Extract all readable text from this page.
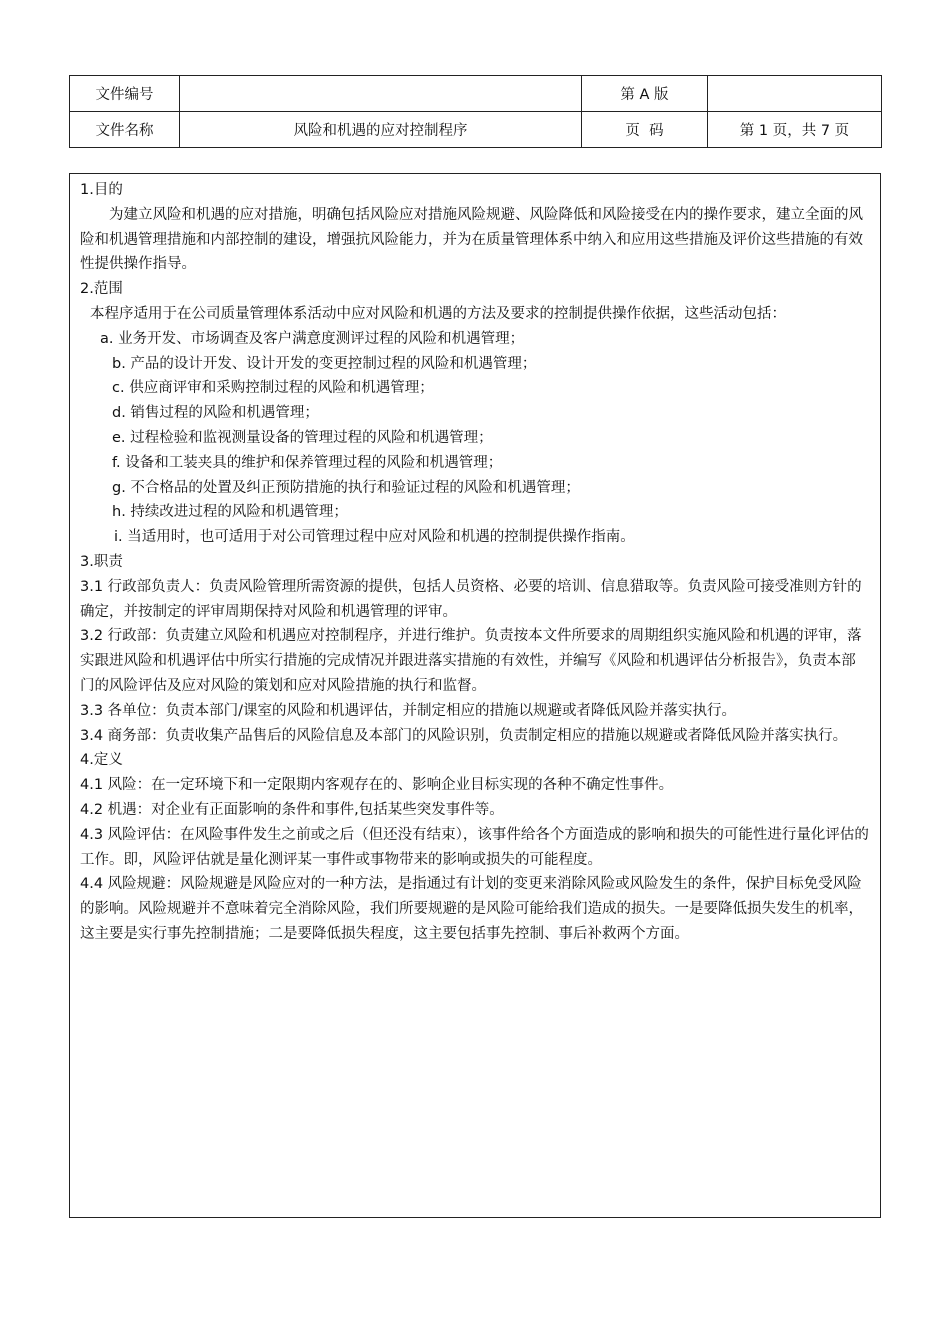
文件编号		第 A 版	
文件名称	风险和机遇的应对控制程序	页  码	第 1 页，共 7 页

1.目的

为建立风险和机遇的应对措施，明确包括风险应对措施风险规避、风险降低和风险接受在内的操作要求，建立全面的风险和机遇管理措施和内部控制的建设，增强抗风险能力，并为在质量管理体系中纳入和应用这些措施及评价这些措施的有效性提供操作指导。

2.范围

本程序适用于在公司质量管理体系活动中应对风险和机遇的方法及要求的控制提供操作依据，这些活动包括：

a. 业务开发、市场调查及客户满意度测评过程的风险和机遇管理；

b. 产品的设计开发、设计开发的变更控制过程的风险和机遇管理；

c. 供应商评审和采购控制过程的风险和机遇管理；

d. 销售过程的风险和机遇管理；

e. 过程检验和监视测量设备的管理过程的风险和机遇管理；

f. 设备和工装夹具的维护和保养管理过程的风险和机遇管理；

g. 不合格品的处置及纠正预防措施的执行和验证过程的风险和机遇管理；

h. 持续改进过程的风险和机遇管理；

i. 当适用时，也可适用于对公司管理过程中应对风险和机遇的控制提供操作指南。

3.职责

3.1 行政部负责人：负责风险管理所需资源的提供，包括人员资格、必要的培训、信息猎取等。负责风险可接受准则方针的确定，并按制定的评审周期保持对风险和机遇管理的评审。

3.2 行政部：负责建立风险和机遇应对控制程序，并进行维护。负责按本文件所要求的周期组织实施风险和机遇的评审，落实跟进风险和机遇评估中所实行措施的完成情况并跟进落实措施的有效性，并编写《风险和机遇评估分析报告》，负责本部门的风险评估及应对风险的策划和应对风险措施的执行和监督。

3.3 各单位：负责本部门/课室的风险和机遇评估，并制定相应的措施以规避或者降低风险并落实执行。

3.4 商务部：负责收集产品售后的风险信息及本部门的风险识别，负责制定相应的措施以规避或者降低风险并落实执行。

4.定义

4.1 风险：在一定环境下和一定限期内客观存在的、影响企业目标实现的各种不确定性事件。

4.2 机遇：对企业有正面影响的条件和事件,包括某些突发事件等。

4.3 风险评估：在风险事件发生之前或之后（但还没有结束），该事件给各个方面造成的影响和损失的可能性进行量化评估的工作。即，风险评估就是量化测评某一事件或事物带来的影响或损失的可能程度。

4.4 风险规避：风险规避是风险应对的一种方法，是指通过有计划的变更来消除风险或风险发生的条件，保护目标免受风险的影响。风险规避并不意味着完全消除风险，我们所要规避的是风险可能给我们造成的损失。一是要降低损失发生的机率，这主要是实行事先控制措施；二是要降低损失程度，这主要包括事先控制、事后补救两个方面。
